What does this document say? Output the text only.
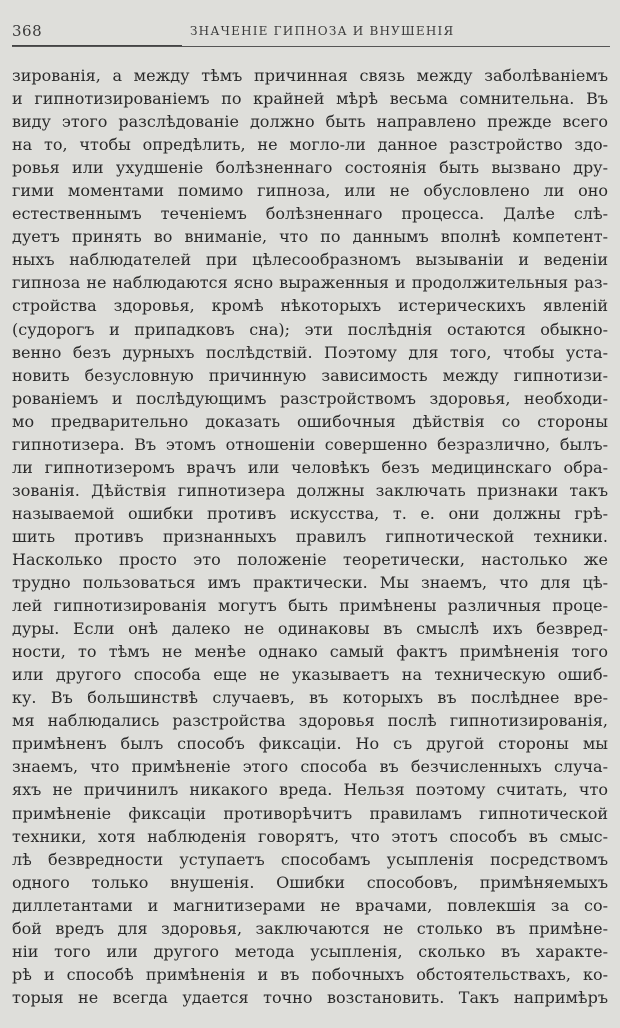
368	ЗНАЧЕНIЕ ГИПНОЗА И ВНУШЕНIЯ
зированія, а между тѣмъ причинная связь между заболѣваніемъ
и гипнотизированіемъ по крайней мѣрѣ весьма сомнительна. Въ
виду этого разслѣдованіе должно быть направлено прежде всего
на то, чтобы опредѣлить, не могло-ли данное разстройство здо-
ровья или ухудшеніе болѣзненнаго состоянія быть вызвано дру-
гими моментами помимо гипноза, или не обусловлено ли оно
естественнымъ теченіемъ болѣзненнаго процесса. Далѣе слѣ-
дуетъ принять во вниманіе, что по даннымъ вполнѣ компетент-
ныхъ наблюдателей при цѣлесообразномъ вызываніи и веденіи
гипноза не наблюдаются ясно выраженныя и продолжительныя раз-
стройства здоровья, кромѣ нѣкоторыхъ истерическихъ явленій
(судорогъ и припадковъ сна); эти послѣднія остаются обыкно-
венно безъ дурныхъ послѣдствій. Поэтому для того, чтобы уста-
новить безусловную причинную зависимость между гипнотизи-
рованіемъ и послѣдующимъ разстройствомъ здоровья, необходи-
мо предварительно доказать ошибочныя дѣйствія со стороны
гипнотизера. Въ этомъ отношеніи совершенно безразлично, былъ-
ли гипнотизеромъ врачъ или человѣкъ безъ медицинскаго обра-
зованія. Дѣйствія гипнотизера должны заключать признаки такъ
называемой ошибки противъ искусства, т. е. они должны грѣ-
шить противъ признанныхъ правилъ гипнотической техники.
Насколько просто это положеніе теоретически, настолько же
трудно пользоваться имъ практически. Мы знаемъ, что для цѣ-
лей гипнотизированія могутъ быть примѣнены различныя проце-
дуры. Если онѣ далеко не одинаковы въ смыслѣ ихъ безвред-
ности, то тѣмъ не менѣе однако самый фактъ примѣненія того
или другого способа еще не указываетъ на техническую ошиб-
ку. Въ большинствѣ случаевъ, въ которыхъ въ послѣднее вре-
мя наблюдались разстройства здоровья послѣ гипнотизированія,
примѣненъ былъ способъ фиксаціи. Но съ другой стороны мы
знаемъ, что примѣненіе этого способа въ безчисленныхъ случа-
яхъ не причинилъ никакого вреда. Нельзя поэтому считать, что
примѣненіе фиксаціи противорѣчитъ правиламъ гипнотической
техники, хотя наблюденія говорятъ, что этотъ способъ въ смыс-
лѣ безвредности уступаетъ способамъ усыпленія посредствомъ
одного только внушенія. Ошибки способовъ, примѣняемыхъ
диллетантами и магнитизерами не врачами, повлекшія за со-
бой вредъ для здоровья, заключаются не столько въ примѣне-
ніи того или другого метода усыпленія, сколько въ характе-
рѣ и способѣ примѣненія и въ побочныхъ обстоятельствахъ, ко-
торыя не всегда удается точно возстановить. Такъ напримѣръ
